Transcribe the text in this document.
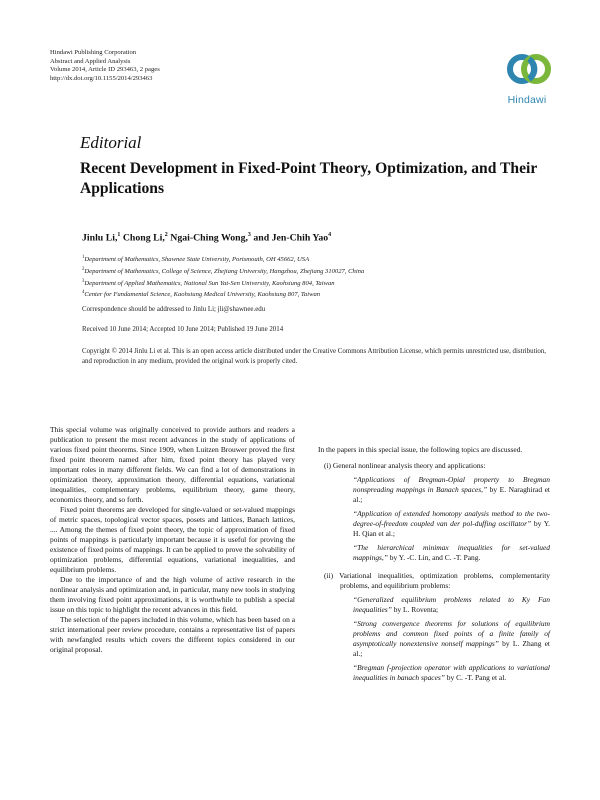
Hindawi Publishing Corporation
Abstract and Applied Analysis
Volume 2014, Article ID 293463, 2 pages
http://dx.doi.org/10.1155/2014/293463
Hindawi
Editorial
Recent Development in Fixed-Point Theory, Optimization, and Their Applications
Jinlu Li,$^1$ Chong Li,$^2$ Ngai-Ching Wong,$^3$ and Jen-Chih Yao$^4$
$^1$Department of Mathematics, Shawnee State University, Portsmouth, OH 45662, USA
$^2$Department of Mathematics, College of Science, Zhejiang University, Hangzhou, Zhejiang 310027, China
$^3$Department of Applied Mathematics, National Sun Yat-Sen University, Kaohsiung 804, Taiwan
$^4$Center for Fundamental Science, Kaohsiung Medical University, Kaohsiung 807, Taiwan
Correspondence should be addressed to Jinlu Li; jli@shawnee.edu
Received 10 June 2014; Accepted 10 June 2014; Published 19 June 2014
Copyright © 2014 Jinlu Li et al. This is an open access article distributed under the Creative Commons Attribution License, which permits unrestricted use, distribution, and reproduction in any medium, provided the original work is properly cited.

This special volume was originally conceived to provide authors and readers a publication to present the most recent advances in the study of applications of various fixed point theorems. Since 1909, when Luitzen Brouwer proved the first fixed point theorem named after him, fixed point theory has played very important roles in many different fields. We can find a lot of demonstrations in optimization theory, approximation theory, differential equations, variational inequalities, complementary problems, equilibrium theory, game theory, economics theory, and so forth.

Fixed point theorems are developed for single-valued or set-valued mappings of metric spaces, topological vector spaces, posets and lattices, Banach lattices, .... Among the themes of fixed point theory, the topic of approximation of fixed points of mappings is particularly important because it is useful for proving the existence of fixed points of mappings. It can be applied to prove the solvability of optimization problems, differential equations, variational inequalities, and equilibrium problems.

Due to the importance of and the high volume of active research in the nonlinear analysis and optimization and, in particular, many new tools in studying them involving fixed point approximations, it is worthwhile to publish a special issue on this topic to highlight the recent advances in this field.

The selection of the papers included in this volume, which has been based on a strict international peer review procedure, contains a representative list of papers with newfangled results which covers the different topics considered in our original proposal.

In the papers in this special issue, the following topics are discussed.

(i) General nonlinear analysis theory and applications:

“Applications of Bregman-Opial property to Bregman nonspreading mappings in Banach spaces,” by E. Naraghirad et al.;

“Application of extended homotopy analysis method to the two-degree-of-freedom coupled van der pol-duffing oscillator” by Y. H. Qian et al.;

“The hierarchical minimax inequalities for set-valued mappings,” by Y. -C. Lin, and C. -T. Pang.

(ii) Variational inequalities, optimization problems, complementarity problems, and equilibrium problems:

“Generalized equilibrium problems related to Ky Fan inequalities” by L. Roventa;

“Strong convergence theorems for solutions of equilibrium problems and common fixed points of a finite family of asymptotically nonextensive nonself mappings” by L. Zhang et al.;

“Bregman f-projection operator with applications to variational inequalities in banach spaces” by C. -T. Pang et al.
